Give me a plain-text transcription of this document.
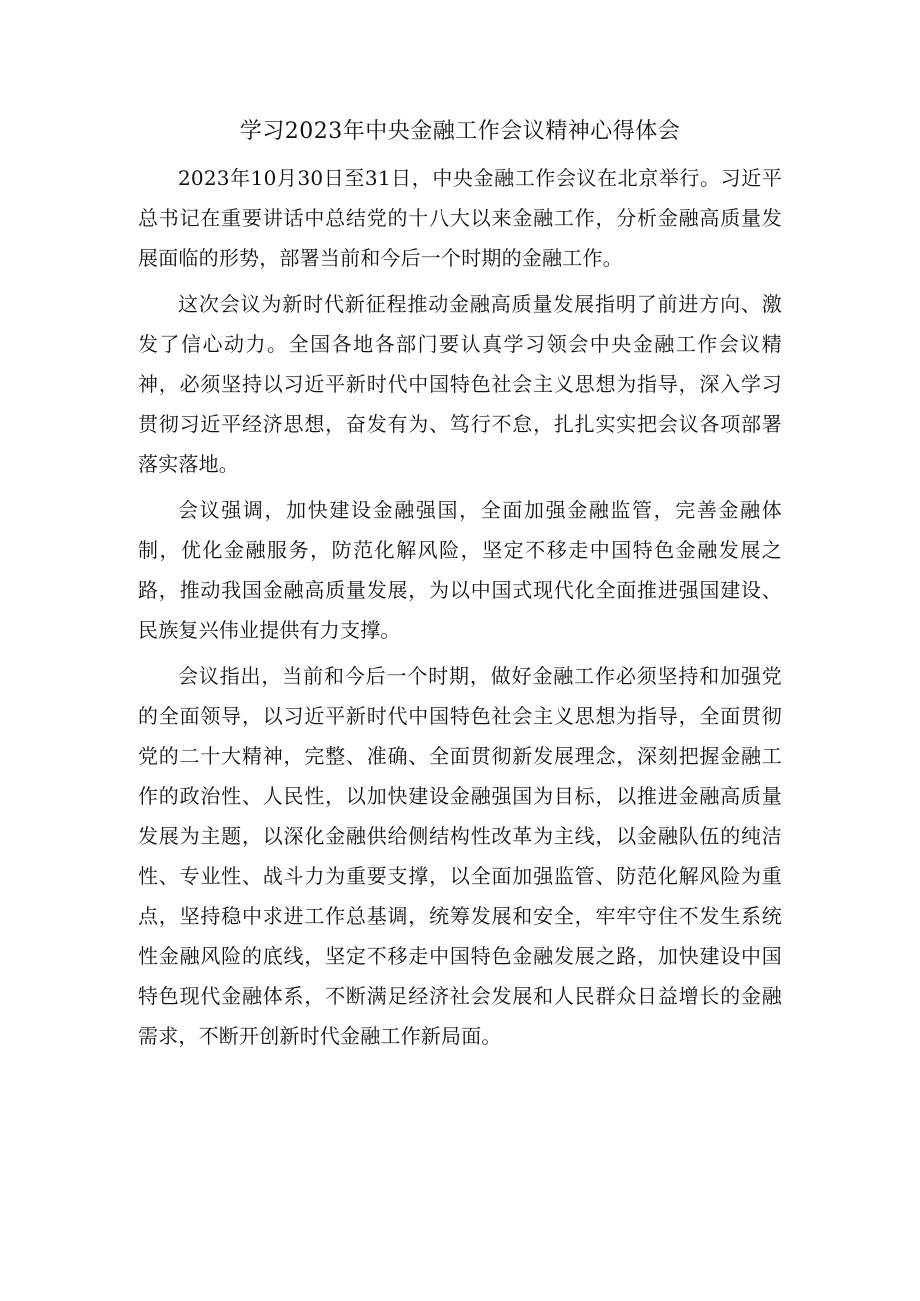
学习2023年中央金融工作会议精神心得体会

2023年10月30日至31日，中央金融工作会议在北京举行。习近平总书记在重要讲话中总结党的十八大以来金融工作，分析金融高质量发展面临的形势，部署当前和今后一个时期的金融工作。

这次会议为新时代新征程推动金融高质量发展指明了前进方向、激发了信心动力。全国各地各部门要认真学习领会中央金融工作会议精神，必须坚持以习近平新时代中国特色社会主义思想为指导，深入学习贯彻习近平经济思想，奋发有为、笃行不怠，扎扎实实把会议各项部署落实落地。

会议强调，加快建设金融强国，全面加强金融监管，完善金融体制，优化金融服务，防范化解风险，坚定不移走中国特色金融发展之路，推动我国金融高质量发展，为以中国式现代化全面推进强国建设、民族复兴伟业提供有力支撑。

会议指出，当前和今后一个时期，做好金融工作必须坚持和加强党的全面领导，以习近平新时代中国特色社会主义思想为指导，全面贯彻党的二十大精神，完整、准确、全面贯彻新发展理念，深刻把握金融工作的政治性、人民性，以加快建设金融强国为目标，以推进金融高质量发展为主题，以深化金融供给侧结构性改革为主线，以金融队伍的纯洁性、专业性、战斗力为重要支撑，以全面加强监管、防范化解风险为重点，坚持稳中求进工作总基调，统筹发展和安全，牢牢守住不发生系统性金融风险的底线，坚定不移走中国特色金融发展之路，加快建设中国特色现代金融体系，不断满足经济社会发展和人民群众日益增长的金融需求，不断开创新时代金融工作新局面。
